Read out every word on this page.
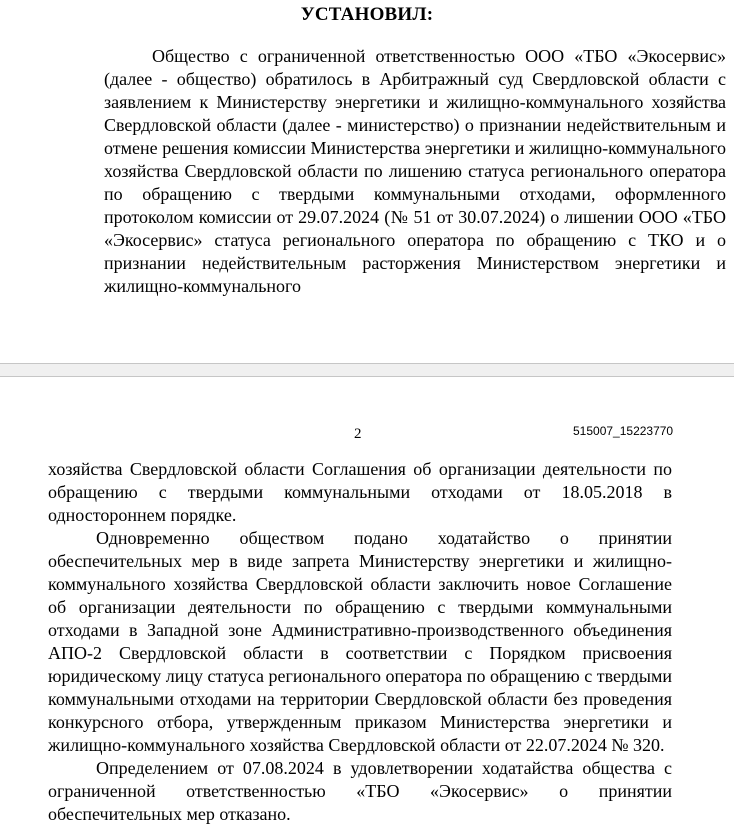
УСТАНОВИЛ:

Общество с ограниченной ответственностью ООО «ТБО «Экосервис» (далее - общество) обратилось в Арбитражный суд Свердловской области с заявлением к Министерству энергетики и жилищно-коммунального хозяйства Свердловской области (далее - министерство) о признании недействительным и отмене решения комиссии Министерства энергетики и жилищно-коммунального хозяйства Свердловской области по лишению статуса регионального оператора по обращению с твердыми коммунальными отходами, оформленного протоколом комиссии от 29.07.2024 (№ 51 от 30.07.2024) о лишении ООО «ТБО «Экосервис» статуса регионального оператора по обращению с ТКО и о признании недействительным расторжения Министерством энергетики и жилищно-коммунального

2	515007_15223770

хозяйства Свердловской области Соглашения об организации деятельности по обращению с твердыми коммунальными отходами от 18.05.2018 в одностороннем порядке.

Одновременно обществом подано ходатайство о принятии обеспечительных мер в виде запрета Министерству энергетики и жилищно-коммунального хозяйства Свердловской области заключить новое Соглашение об организации деятельности по обращению с твердыми коммунальными отходами в Западной зоне Административно-производственного объединения АПО-2 Свердловской области в соответствии с Порядком присвоения юридическому лицу статуса регионального оператора по обращению с твердыми коммунальными отходами на территории Свердловской области без проведения конкурсного отбора, утвержденным приказом Министерства энергетики и жилищно-коммунального хозяйства Свердловской области от 22.07.2024 № 320.

Определением от 07.08.2024 в удовлетворении ходатайства общества с ограниченной ответственностью «ТБО «Экосервис» о принятии обеспечительных мер отказано.
